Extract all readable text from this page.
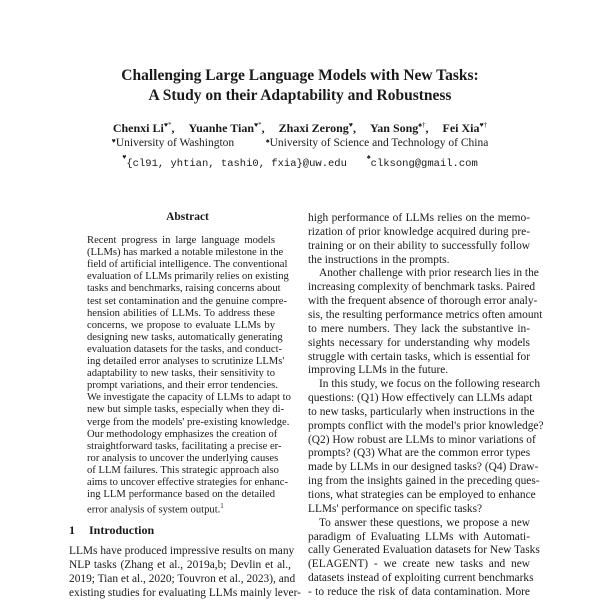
Challenging Large Language Models with New Tasks:
A Study on their Adaptability and Robustness
Chenxi Li♥*, Yuanhe Tian♥*, Zhaxi Zerong♥, Yan Song♠†, Fei Xia♥†
♥University of Washington	♠University of Science and Technology of China
♥{cl91, yhtian, tashi0, fxia}@uw.edu  ♠clksong@gmail.com
Abstract
Recent progress in large language models
(LLMs) has marked a notable milestone in the
field of artificial intelligence. The conventional
evaluation of LLMs primarily relies on existing
tasks and benchmarks, raising concerns about
test set contamination and the genuine compre-
hension abilities of LLMs. To address these
concerns, we propose to evaluate LLMs by
designing new tasks, automatically generating
evaluation datasets for the tasks, and conduct-
ing detailed error analyses to scrutinize LLMs'
adaptability to new tasks, their sensitivity to
prompt variations, and their error tendencies.
We investigate the capacity of LLMs to adapt to
new but simple tasks, especially when they di-
verge from the models' pre-existing knowledge.
Our methodology emphasizes the creation of
straightforward tasks, facilitating a precise er-
ror analysis to uncover the underlying causes
of LLM failures. This strategic approach also
aims to uncover effective strategies for enhanc-
ing LLM performance based on the detailed
error analysis of system output.$^1$
1 Introduction
LLMs have produced impressive results on many
NLP tasks (Zhang et al., 2019a,b; Devlin et al.,
2019; Tian et al., 2020; Touvron et al., 2023), and
existing studies for evaluating LLMs mainly lever-
high performance of LLMs relies on the memo-
rization of prior knowledge acquired during pre-
training or on their ability to successfully follow
the instructions in the prompts.
Another challenge with prior research lies in the
increasing complexity of benchmark tasks. Paired
with the frequent absence of thorough error analy-
sis, the resulting performance metrics often amount
to mere numbers. They lack the substantive in-
sights necessary for understanding why models
struggle with certain tasks, which is essential for
improving LLMs in the future.
In this study, we focus on the following research
questions: (Q1) How effectively can LLMs adapt
to new tasks, particularly when instructions in the
prompts conflict with the model's prior knowledge?
(Q2) How robust are LLMs to minor variations of
prompts? (Q3) What are the common error types
made by LLMs in our designed tasks? (Q4) Draw-
ing from the insights gained in the preceding ques-
tions, what strategies can be employed to enhance
LLMs' performance on specific tasks?
To answer these questions, we propose a new
paradigm of Evaluating LLMs with Automati-
cally Generated Evaluation datasets for New Tasks
(ELAGENT) - we create new tasks and new
datasets instead of exploiting current benchmarks
- to reduce the risk of data contamination. More
